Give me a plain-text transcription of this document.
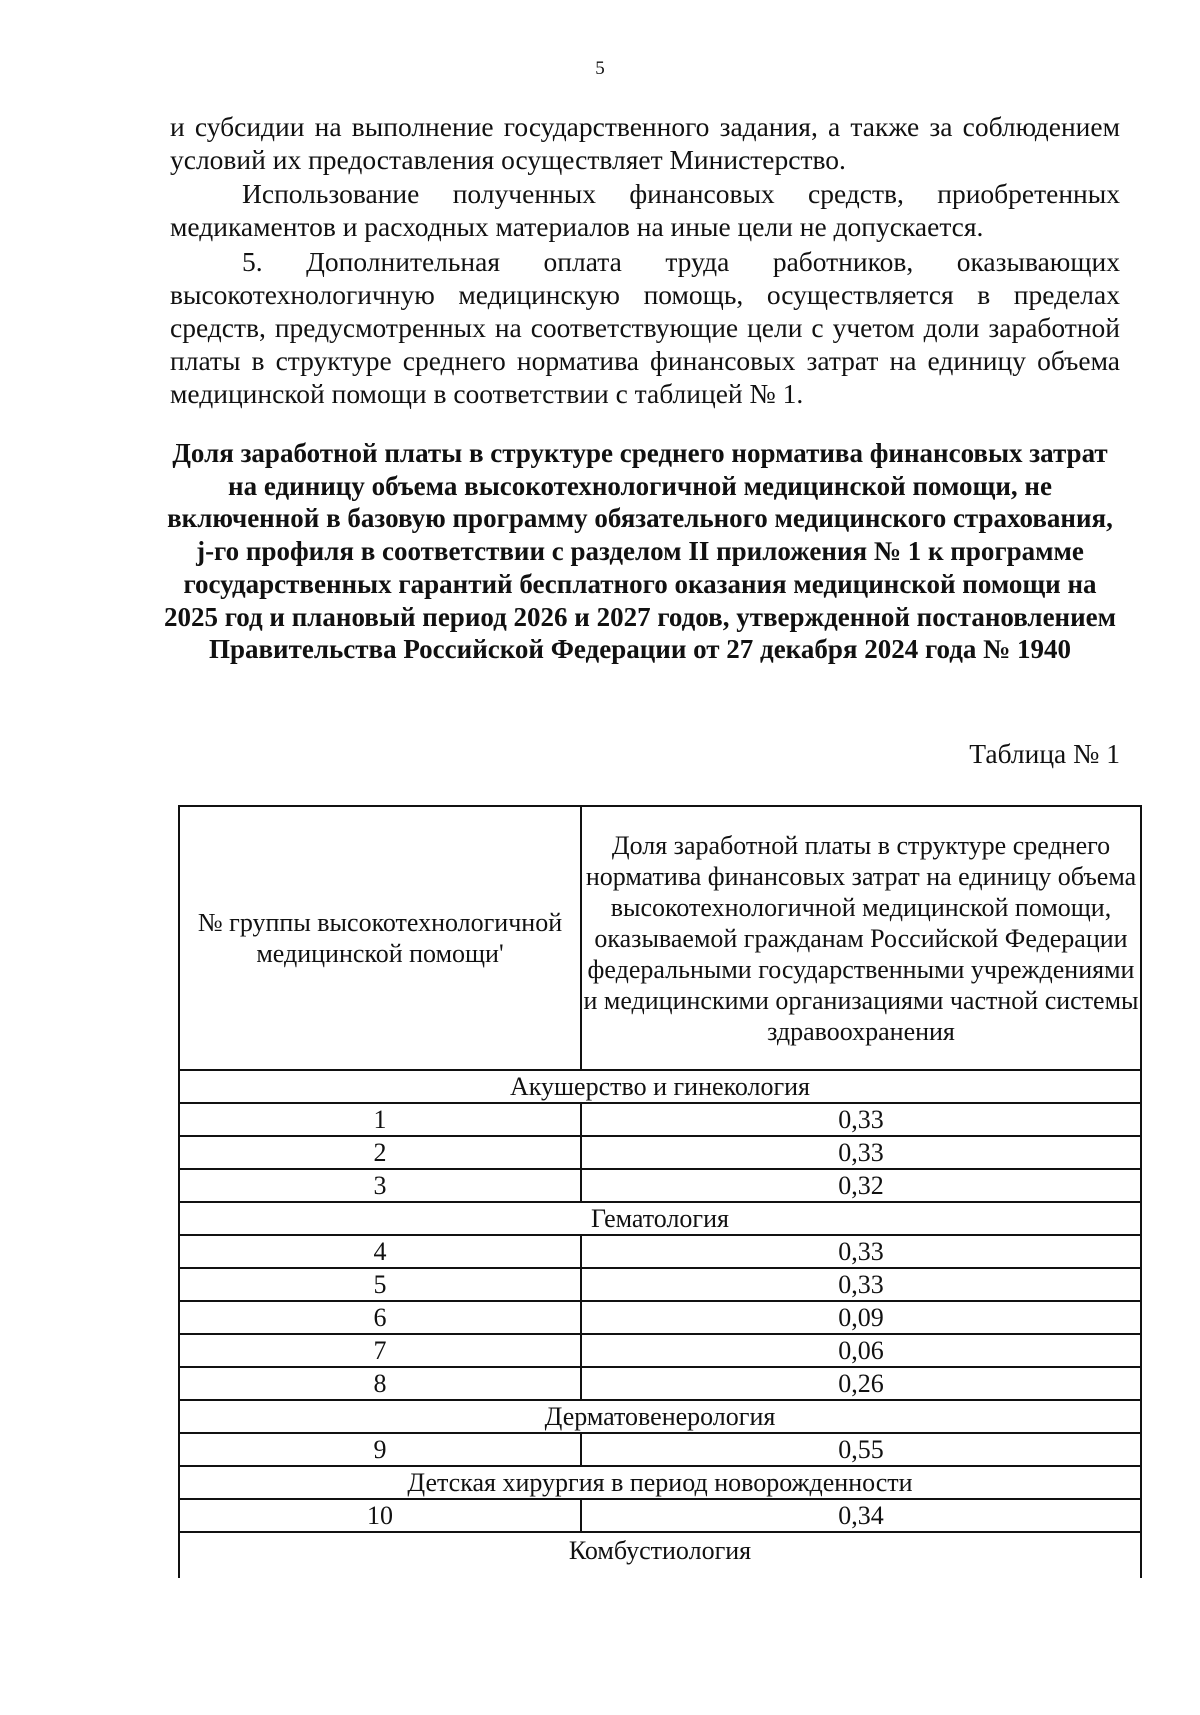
5

и субсидии на выполнение государственного задания, а также за соблюдением условий их предоставления осуществляет Министерство.

Использование полученных финансовых средств, приобретенных медикаментов и расходных материалов на иные цели не допускается.

5. Дополнительная оплата труда работников, оказывающих высокотехнологичную медицинскую помощь, осуществляется в пределах средств, предусмотренных на соответствующие цели с учетом доли заработной платы в структуре среднего норматива финансовых затрат на единицу объема медицинской помощи в соответствии с таблицей № 1.

Доля заработной платы в структуре среднего норматива финансовых затрат на единицу объема высокотехнологичной медицинской помощи, не включенной в базовую программу обязательного медицинского страхования, j-го профиля в соответствии с разделом II приложения № 1 к программе государственных гарантий бесплатного оказания медицинской помощи на 2025 год и плановый период 2026 и 2027 годов, утвержденной постановлением Правительства Российской Федерации от 27 декабря 2024 года № 1940
Таблица № 1
№ группы высокотехнологичной медицинской помощи'	Доля заработной платы в структуре среднего норматива финансовых затрат на единицу объема высокотехнологичной медицинской помощи, оказываемой гражданам Российской Федерации федеральными государственными учреждениями и медицинскими организациями частной системы здравоохранения
Акушерство и гинекология	
1	0,33
2	0,33
3	0,32
Гематология	
4	0,33
5	0,33
6	0,09
7	0,06
8	0,26
Дерматовенерология	
9	0,55
Детская хирургия в период новорожденности	
10	0,34
Комбустиология	
